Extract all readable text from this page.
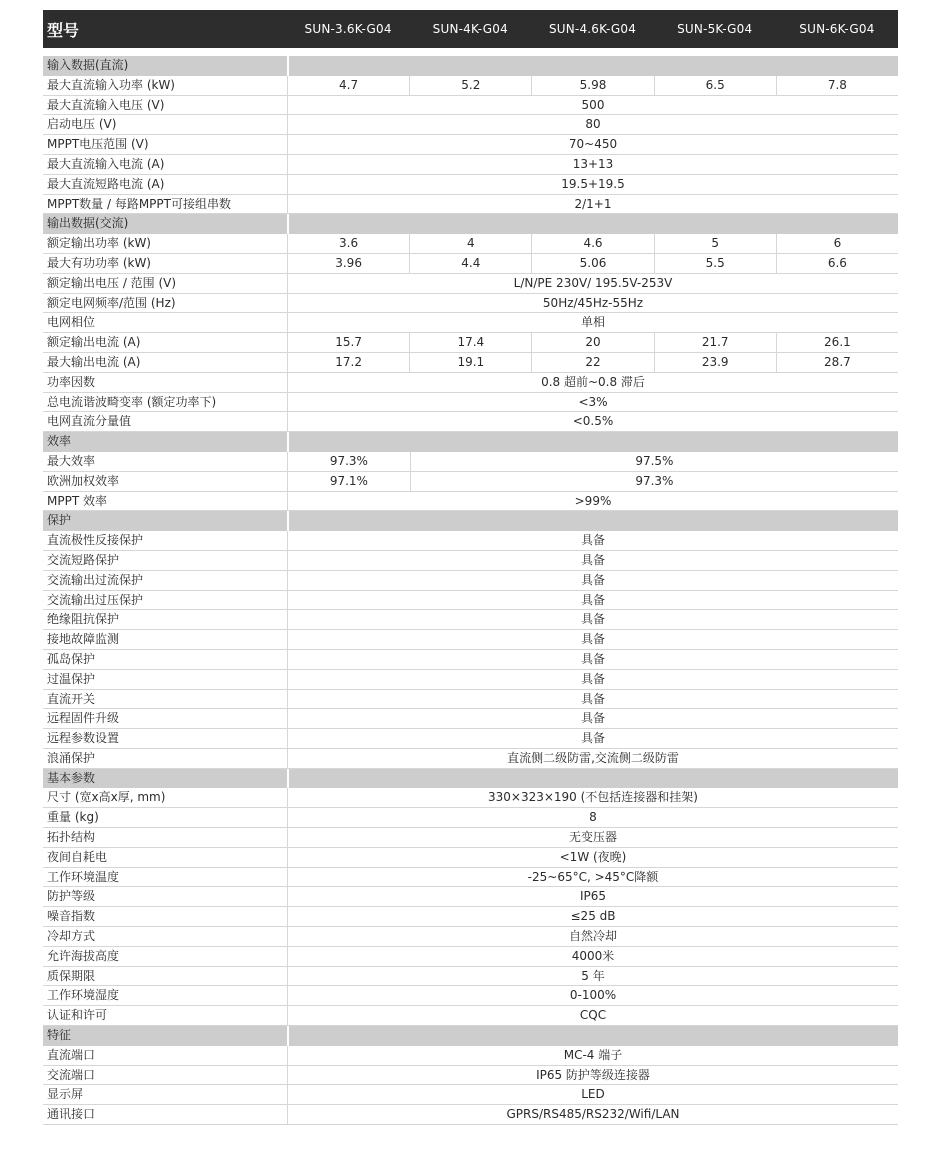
型号	SUN-3.6K-G04	SUN-4K-G04	SUN-4.6K-G04	SUN-5K-G04	SUN-6K-G04
输入数据(直流)
最大直流输入功率 (kW)	4.7	5.2	5.98	6.5	7.8
最大直流输入电压 (V)	500
启动电压 (V)	80
MPPT电压范围 (V)	70~450
最大直流输入电流 (A)	13+13
最大直流短路电流 (A)	19.5+19.5
MPPT数量 / 每路MPPT可接组串数	2/1+1
输出数据(交流)
额定输出功率 (kW)	3.6	4	4.6	5	6
最大有功功率 (kW)	3.96	4.4	5.06	5.5	6.6
额定输出电压 / 范围 (V)	L/N/PE 230V/ 195.5V-253V
额定电网频率/范围 (Hz)	50Hz/45Hz-55Hz
电网相位	单相
额定输出电流 (A)	15.7	17.4	20	21.7	26.1
最大输出电流 (A)	17.2	19.1	22	23.9	28.7
功率因数	0.8 超前~0.8 滞后
总电流谐波畸变率 (额定功率下)	<3%
电网直流分量值	<0.5%
效率
最大效率	97.3%	97.5%
欧洲加权效率	97.1%	97.3%
MPPT 效率	>99%
保护
直流极性反接保护	具备
交流短路保护	具备
交流输出过流保护	具备
交流输出过压保护	具备
绝缘阻抗保护	具备
接地故障监测	具备
孤岛保护	具备
过温保护	具备
直流开关	具备
远程固件升级	具备
远程参数设置	具备
浪涌保护	直流侧二级防雷,交流侧二级防雷
基本参数
尺寸 (宽x高x厚, mm)	330×323×190 (不包括连接器和挂架)
重量 (kg)	8
拓扑结构	无变压器
夜间自耗电	<1W (夜晚)
工作环境温度	-25~65°C, >45°C降额
防护等级	IP65
噪音指数	≤25 dB
冷却方式	自然冷却
允许海拔高度	4000米
质保期限	5 年
工作环境湿度	0-100%
认证和许可	CQC
特征
直流端口	MC-4 端子
交流端口	IP65 防护等级连接器
显示屏	LED
通讯接口	GPRS/RS485/RS232/Wifi/LAN
